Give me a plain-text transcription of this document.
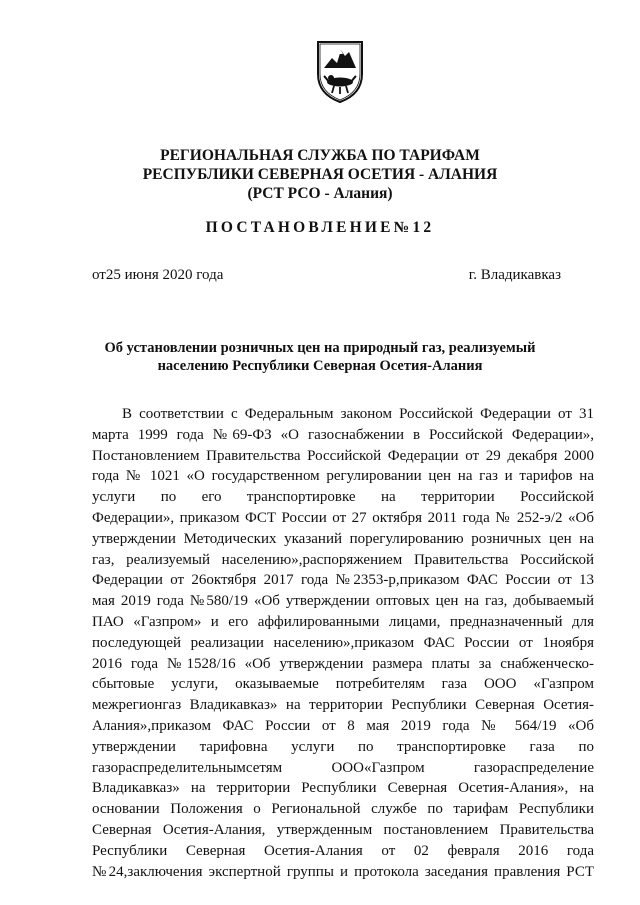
РЕГИОНАЛЬНАЯ СЛУЖБА ПО ТАРИФАМ
РЕСПУБЛИКИ СЕВЕРНАЯ ОСЕТИЯ - АЛАНИЯ
(РСТ РСО - Алания)
ПОСТАНОВЛЕНИЕ№12
от25 июня 2020 года	г. Владикавказ
Об установлении розничных цен на природный газ, реализуемый
населению Республики Северная Осетия-Алания
В соответствии с Федеральным законом Российской Федерации от 31
марта 1999 года №69-ФЗ «О газоснабжении в Российской Федерации»,
Постановлением Правительства Российской Федерации от 29 декабря 2000
года № 1021 «О государственном регулировании цен на газ и тарифов на
услуги по его транспортировке на территории Российской
Федерации», приказом ФСТ России от 27 октября 2011 года № 252-э/2 «Об
утверждении Методических указаний порегулированию розничных цен на
газ, реализуемый населению»,распоряжением Правительства Российской
Федерации от 26октября 2017 года №2353-р,приказом ФАС России от 13
мая 2019 года №580/19 «Об утверждении оптовых цен на газ, добываемый
ПАО «Газпром» и его аффилированными лицами, предназначенный для
последующей реализации населению»,приказом ФАС России от 1ноября
2016 года №1528/16 «Об утверждении размера платы за снабженческо-
сбытовые услуги, оказываемые потребителям газа ООО «Газпром
межрегионгаз Владикавказ» на территории Республики Северная Осетия-
Алания»,приказом ФАС России от 8 мая 2019 года № 564/19 «Об
утверждении тарифовна услуги по транспортировке газа по
газораспределительнымсетям ООО«Газпром газораспределение
Владикавказ» на территории Республики Северная Осетия-Алания», на
основании Положения о Региональной службе по тарифам Республики
Северная Осетия-Алания, утвержденным постановлением Правительства
Республики Северная Осетия-Алания от 02 февраля 2016 года
№24,заключения экспертной группы и протокола заседания правления РСТ
